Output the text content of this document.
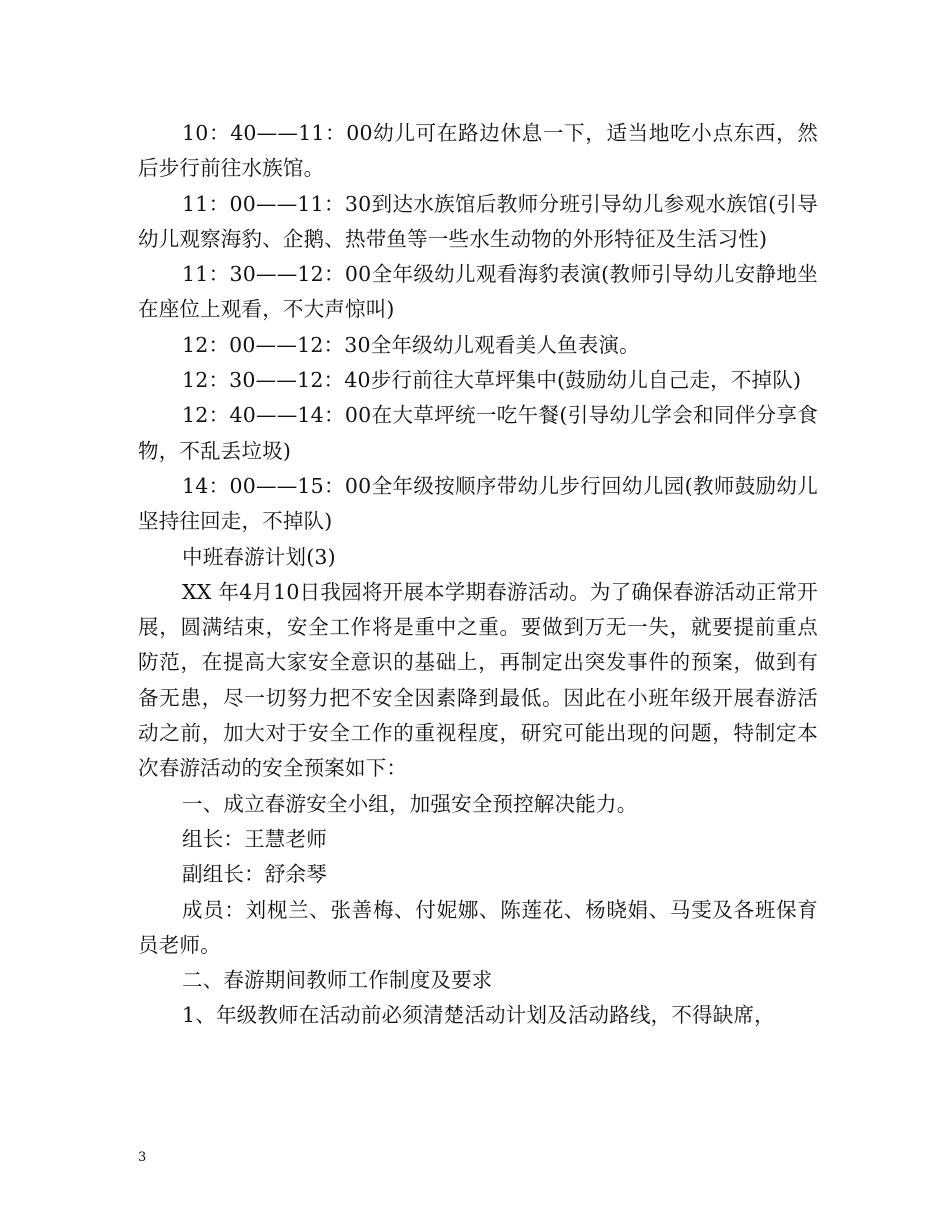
10：40——11：00幼儿可在路边休息一下，适当地吃小点东西，然后步行前往水族馆。

11：00——11：30到达水族馆后教师分班引导幼儿参观水族馆(引导幼儿观察海豹、企鹅、热带鱼等一些水生动物的外形特征及生活习性)

11：30——12：00全年级幼儿观看海豹表演(教师引导幼儿安静地坐在座位上观看，不大声惊叫)

12：00——12：30全年级幼儿观看美人鱼表演。

12：30——12：40步行前往大草坪集中(鼓励幼儿自己走，不掉队)

12：40——14：00在大草坪统一吃午餐(引导幼儿学会和同伴分享食物，不乱丢垃圾)

14：00——15：00全年级按顺序带幼儿步行回幼儿园(教师鼓励幼儿坚持往回走，不掉队)

中班春游计划(3)

XX 年4月10日我园将开展本学期春游活动。为了确保春游活动正常开展，圆满结束，安全工作将是重中之重。要做到万无一失，就要提前重点防范，在提高大家安全意识的基础上，再制定出突发事件的预案，做到有备无患，尽一切努力把不安全因素降到最低。因此在小班年级开展春游活动之前，加大对于安全工作的重视程度，研究可能出现的问题，特制定本次春游活动的安全预案如下：

一、成立春游安全小组，加强安全预控解决能力。

组长：王慧老师

副组长：舒余琴

成员：刘枧兰、张善梅、付妮娜、陈莲花、杨晓娟、马雯及各班保育员老师。

二、春游期间教师工作制度及要求

1、年级教师在活动前必须清楚活动计划及活动路线，不得缺席，

3
